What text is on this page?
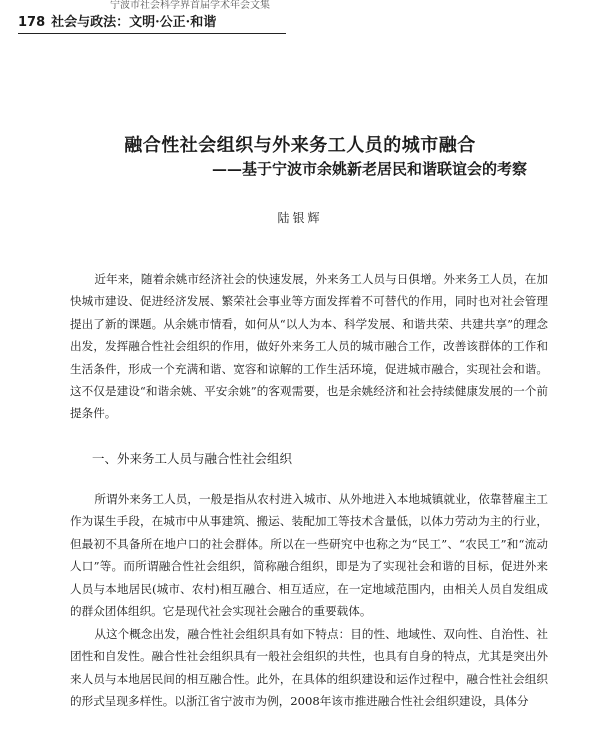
宁波市社会科学界首届学术年会文集
178 社会与政法：文明·公正·和谐
融合性社会组织与外来务工人员的城市融合
——基于宁波市余姚新老居民和谐联谊会的考察
陆银辉
近年来，随着余姚市经济社会的快速发展，外来务工人员与日俱增。外来务工人员，在加快城市建设、促进经济发展、繁荣社会事业等方面发挥着不可替代的作用，同时也对社会管理提出了新的课题。从余姚市情看，如何从“以人为本、科学发展、和谐共荣、共建共享”的理念出发，发挥融合性社会组织的作用，做好外来务工人员的城市融合工作，改善该群体的工作和生活条件，形成一个充满和谐、宽容和谅解的工作生活环境，促进城市融合，实现社会和谐。这不仅是建设“和谐余姚、平安余姚”的客观需要，也是余姚经济和社会持续健康发展的一个前提条件。
一、外来务工人员与融合性社会组织
所谓外来务工人员，一般是指从农村进入城市、从外地进入本地城镇就业，依靠替雇主工作为谋生手段，在城市中从事建筑、搬运、装配加工等技术含量低，以体力劳动为主的行业，但最初不具备所在地户口的社会群体。所以在一些研究中也称之为“民工”、“农民工”和“流动人口”等。而所谓融合性社会组织，简称融合组织，即是为了实现社会和谐的目标，促进外来人员与本地居民(城市、农村)相互融合、相互适应，在一定地域范围内，由相关人员自发组成的群众团体组织。它是现代社会实现社会融合的重要载体。
从这个概念出发，融合性社会组织具有如下特点：目的性、地域性、双向性、自治性、社团性和自发性。融合性社会组织具有一般社会组织的共性，也具有自身的特点，尤其是突出外来人员与本地居民间的相互融合性。此外，在具体的组织建设和运作过程中，融合性社会组织的形式呈现多样性。以浙江省宁波市为例，2008年该市推进融合性社会组织建设，具体分
